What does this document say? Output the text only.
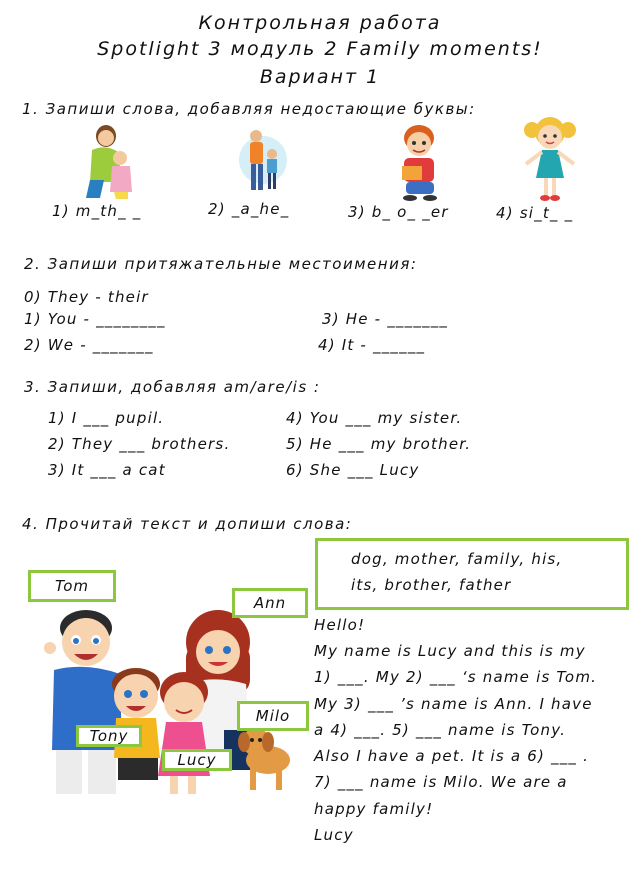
Контрольная работа
Spotlight 3 модуль 2 Family moments!
Вариант 1
1. Запиши слова, добавляя недостающие буквы:
1) m_th_ _	2) _a_he_	3) b_ o_ _er	4) si_t_ _
2. Запиши притяжательные местоимения:
0) They - their
1) You - ________	3) He - _______
2) We - _______	4) It - ______
3. Запиши, добавляя am/are/is :
1) I ___ pupil.	4) You ___ my sister.
2) They ___ brothers.	5) He ___ my brother.
3) It ___ a cat	6) She ___ Lucy
4. Прочитай текст и допиши слова:
Tom
Ann
Milo
Tony
Lucy
dog, mother, family, his,
its, brother, father
Hello!
My name is Lucy and this is my
1) ___. My 2) ___ ‘s name is Tom.
My 3) ___ ’s name is Ann. I have
a 4) ___. 5) ___ name is Tony.
Also I have a pet. It is a 6) ___ .
7) ___ name is Milo. We are a
happy family!
Lucy
